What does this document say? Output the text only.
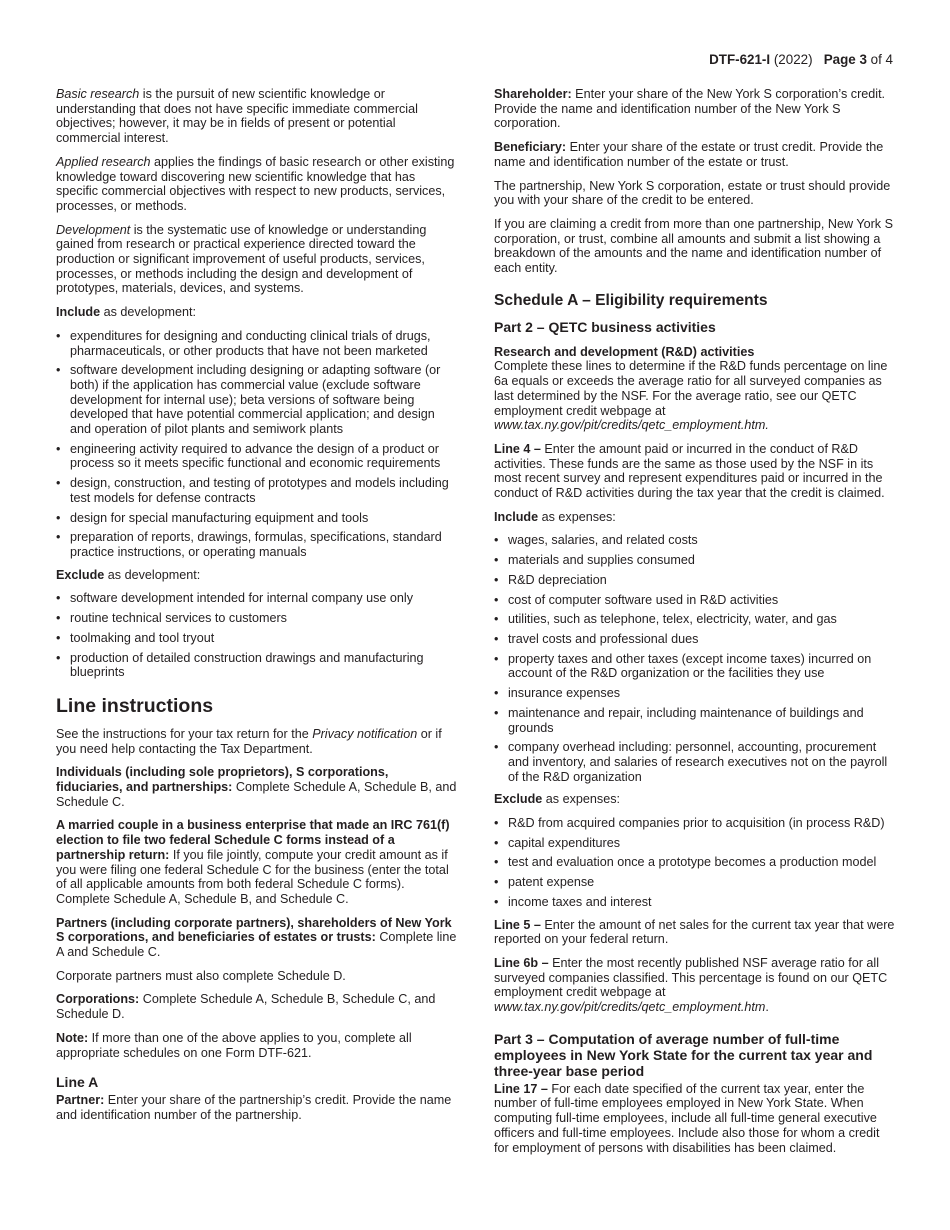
DTF-621-I (2022) Page 3 of 4

Basic research is the pursuit of new scientific knowledge or understanding that does not have specific immediate commercial objectives; however, it may be in fields of present or potential commercial interest.

Applied research applies the findings of basic research or other existing knowledge toward discovering new scientific knowledge that has specific commercial objectives with respect to new products, services, processes, or methods.

Development is the systematic use of knowledge or understanding gained from research or practical experience directed toward the production or significant improvement of useful products, services, processes, or methods including the design and development of prototypes, materials, devices, and systems.

Include as development:

• expenditures for designing and conducting clinical trials of drugs, pharmaceuticals, or other products that have not been marketed
• software development including designing or adapting software (or both) if the application has commercial value (exclude software development for internal use); beta versions of software being developed that have potential commercial application; and design and operation of pilot plants and semiwork plants
• engineering activity required to advance the design of a product or process so it meets specific functional and economic requirements
• design, construction, and testing of prototypes and models including test models for defense contracts
• design for special manufacturing equipment and tools
• preparation of reports, drawings, formulas, specifications, standard practice instructions, or operating manuals

Exclude as development:

• software development intended for internal company use only
• routine technical services to customers
• toolmaking and tool tryout
• production of detailed construction drawings and manufacturing blueprints
Line instructions

See the instructions for your tax return for the Privacy notification or if you need help contacting the Tax Department.

Individuals (including sole proprietors), S corporations, fiduciaries, and partnerships: Complete Schedule A, Schedule B, and Schedule C.

A married couple in a business enterprise that made an IRC 761(f) election to file two federal Schedule C forms instead of a partnership return: If you file jointly, compute your credit amount as if you were filing one federal Schedule C for the business (enter the total of all applicable amounts from both federal Schedule C forms). Complete Schedule A, Schedule B, and Schedule C.

Partners (including corporate partners), shareholders of New York S corporations, and beneficiaries of estates or trusts: Complete line A and Schedule C.

Corporate partners must also complete Schedule D.

Corporations: Complete Schedule A, Schedule B, Schedule C, and Schedule D.

Note: If more than one of the above applies to you, complete all appropriate schedules on one Form DTF-621.

Line A

Partner: Enter your share of the partnership’s credit. Provide the name and identification number of the partnership.

Shareholder: Enter your share of the New York S corporation’s credit. Provide the name and identification number of the New York S corporation.

Beneficiary: Enter your share of the estate or trust credit. Provide the name and identification number of the estate or trust.

The partnership, New York S corporation, estate or trust should provide you with your share of the credit to be entered.

If you are claiming a credit from more than one partnership, New York S corporation, or trust, combine all amounts and submit a list showing a breakdown of the amounts and the name and identification number of each entity.

Schedule A – Eligibility requirements
Part 2 – QETC business activities
Research and development (R&D) activities

Complete these lines to determine if the R&D funds percentage on line 6a equals or exceeds the average ratio for all surveyed companies as last determined by the NSF. For the average ratio, see our QETC employment credit webpage at www.tax.ny.gov/pit/credits/qetc_employment.htm.

Line 4 – Enter the amount paid or incurred in the conduct of R&D activities. These funds are the same as those used by the NSF in its most recent survey and represent expenditures paid or incurred in the conduct of R&D activities during the tax year that the credit is claimed.

Include as expenses:

• wages, salaries, and related costs
• materials and supplies consumed
• R&D depreciation
• cost of computer software used in R&D activities
• utilities, such as telephone, telex, electricity, water, and gas
• travel costs and professional dues
• property taxes and other taxes (except income taxes) incurred on account of the R&D organization or the facilities they use
• insurance expenses
• maintenance and repair, including maintenance of buildings and grounds
• company overhead including: personnel, accounting, procurement and inventory, and salaries of research executives not on the payroll of the R&D organization

Exclude as expenses:

• R&D from acquired companies prior to acquisition (in process R&D)
• capital expenditures
• test and evaluation once a prototype becomes a production model
• patent expense
• income taxes and interest

Line 5 – Enter the amount of net sales for the current tax year that were reported on your federal return.

Line 6b – Enter the most recently published NSF average ratio for all surveyed companies classified. This percentage is found on our QETC employment credit webpage at www.tax.ny.gov/pit/credits/qetc_employment.htm.

Part 3 – Computation of average number of full-time employees in New York State for the current tax year and three-year base period

Line 17 – For each date specified of the current tax year, enter the number of full-time employees employed in New York State. When computing full-time employees, include all full-time general executive officers and full-time employees. Include also those for whom a credit for employment of persons with disabilities has been claimed.
